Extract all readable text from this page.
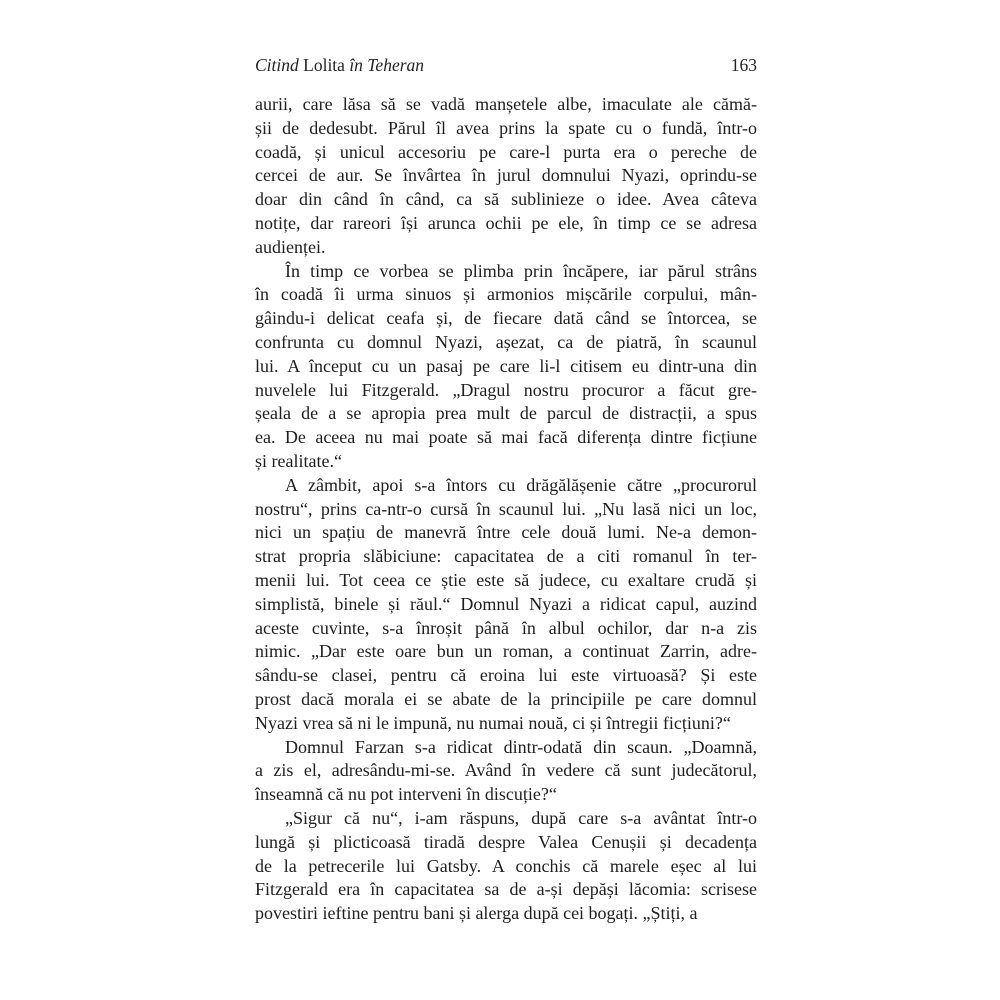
Citind Lolita în Teheran	163
aurii, care lăsa să se vadă manșetele albe, imaculate ale cămă-
șii de dedesubt. Părul îl avea prins la spate cu o fundă, într-o
coadă, și unicul accesoriu pe care-l purta era o pereche de
cercei de aur. Se învârtea în jurul domnului Nyazi, oprindu-se
doar din când în când, ca să sublinieze o idee. Avea câteva
notițe, dar rareori își arunca ochii pe ele, în timp ce se adresa
audienței.
În timp ce vorbea se plimba prin încăpere, iar părul strâns
în coadă îi urma sinuos și armonios mișcările corpului, mân-
gâindu-i delicat ceafa și, de fiecare dată când se întorcea, se
confrunta cu domnul Nyazi, așezat, ca de piatră, în scaunul
lui. A început cu un pasaj pe care li-l citisem eu dintr-una din
nuvelele lui Fitzgerald. „Dragul nostru procuror a făcut gre-
șeala de a se apropia prea mult de parcul de distracții, a spus
ea. De aceea nu mai poate să mai facă diferența dintre ficțiune
și realitate.“
A zâmbit, apoi s-a întors cu drăgălășenie către „procurorul
nostru“, prins ca-ntr-o cursă în scaunul lui. „Nu lasă nici un loc,
nici un spațiu de manevră între cele două lumi. Ne-a demon-
strat propria slăbiciune: capacitatea de a citi romanul în ter-
menii lui. Tot ceea ce știe este să judece, cu exaltare crudă și
simplistă, binele și răul.“ Domnul Nyazi a ridicat capul, auzind
aceste cuvinte, s-a înroșit până în albul ochilor, dar n-a zis
nimic. „Dar este oare bun un roman, a continuat Zarrin, adre-
sându-se clasei, pentru că eroina lui este virtuoasă? Și este
prost dacă morala ei se abate de la principiile pe care domnul
Nyazi vrea să ni le impună, nu numai nouă, ci și întregii ficțiuni?“
Domnul Farzan s-a ridicat dintr-odată din scaun. „Doamnă,
a zis el, adresându-mi-se. Având în vedere că sunt judecătorul,
înseamnă că nu pot interveni în discuție?“
„Sigur că nu“, i-am răspuns, după care s-a avântat într-o
lungă și plicticoasă tiradă despre Valea Cenușii și decadența
de la petrecerile lui Gatsby. A conchis că marele eșec al lui
Fitzgerald era în capacitatea sa de a-și depăși lăcomia: scrisese
povestiri ieftine pentru bani și alerga după cei bogați. „Știți, a
